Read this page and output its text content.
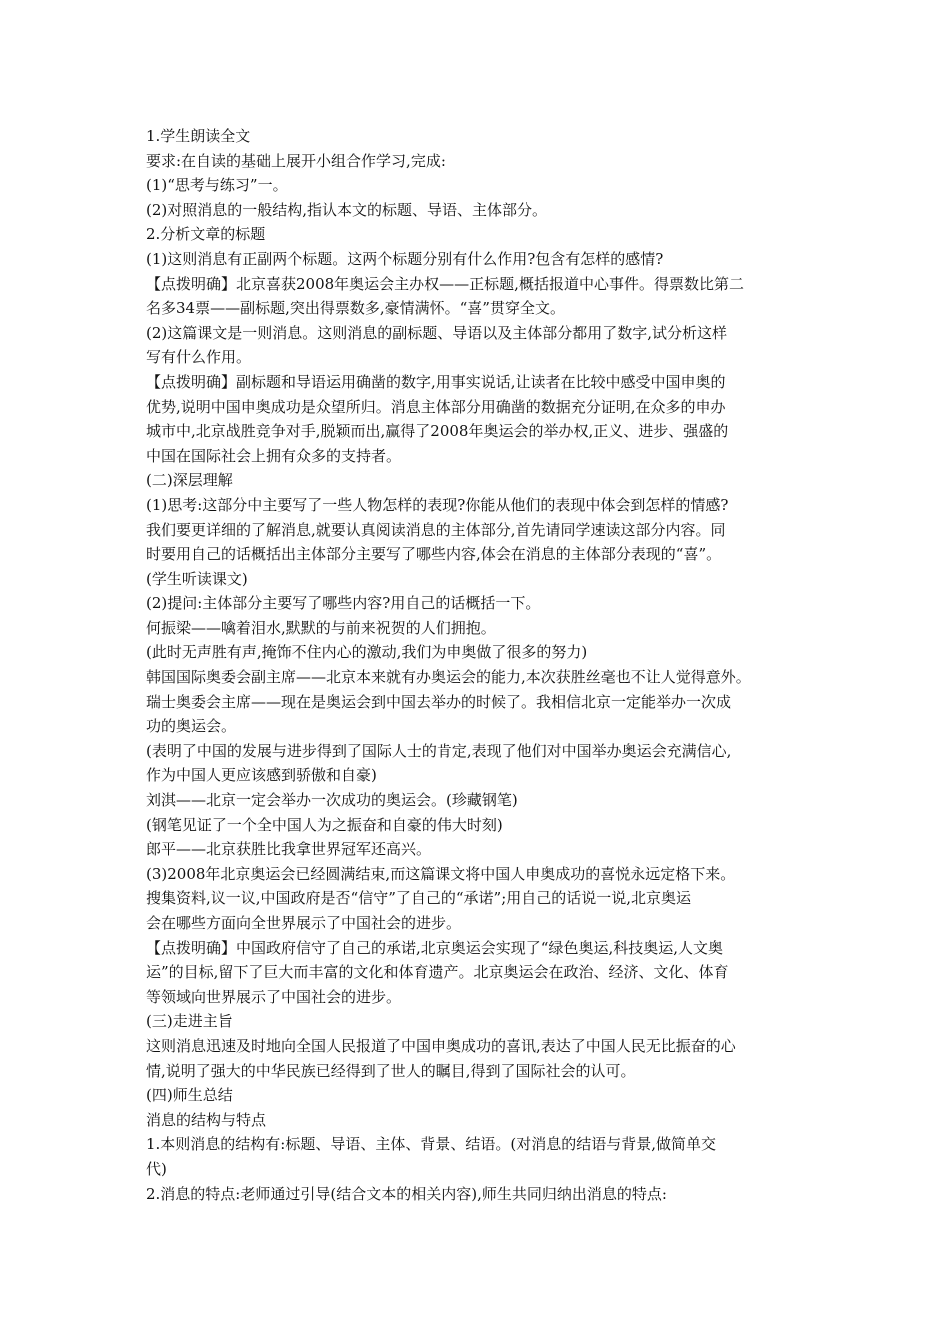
1.学生朗读全文
要求:在自读的基础上展开小组合作学习,完成:
(1)“思考与练习”一。
(2)对照消息的一般结构,指认本文的标题、导语、主体部分。
2.分析文章的标题
(1)这则消息有正副两个标题。这两个标题分别有什么作用?包含有怎样的感情?
【点拨明确】北京喜获2008年奥运会主办权——正标题,概括报道中心事件。得票数比第二
名多34票——副标题,突出得票数多,豪情满怀。“喜”贯穿全文。
(2)这篇课文是一则消息。这则消息的副标题、导语以及主体部分都用了数字,试分析这样
写有什么作用。
【点拨明确】副标题和导语运用确凿的数字,用事实说话,让读者在比较中感受中国申奥的
优势,说明中国申奥成功是众望所归。消息主体部分用确凿的数据充分证明,在众多的申办
城市中,北京战胜竞争对手,脱颖而出,赢得了2008年奥运会的举办权,正义、进步、强盛的
中国在国际社会上拥有众多的支持者。
(二)深层理解
(1)思考:这部分中主要写了一些人物怎样的表现?你能从他们的表现中体会到怎样的情感?
我们要更详细的了解消息,就要认真阅读消息的主体部分,首先请同学速读这部分内容。同
时要用自己的话概括出主体部分主要写了哪些内容,体会在消息的主体部分表现的“喜”。
(学生听读课文)
(2)提问:主体部分主要写了哪些内容?用自己的话概括一下。
何振梁——噙着泪水,默默的与前来祝贺的人们拥抱。
(此时无声胜有声,掩饰不住内心的激动,我们为申奥做了很多的努力)
韩国国际奥委会副主席——北京本来就有办奥运会的能力,本次获胜丝毫也不让人觉得意外。
瑞士奥委会主席——现在是奥运会到中国去举办的时候了。我相信北京一定能举办一次成
功的奥运会。
(表明了中国的发展与进步得到了国际人士的肯定,表现了他们对中国举办奥运会充满信心,
作为中国人更应该感到骄傲和自豪)
刘淇——北京一定会举办一次成功的奥运会。(珍藏钢笔)
(钢笔见证了一个全中国人为之振奋和自豪的伟大时刻)
郎平——北京获胜比我拿世界冠军还高兴。
(3)2008年北京奥运会已经圆满结束,而这篇课文将中国人申奥成功的喜悦永远定格下来。
搜集资料,议一议,中国政府是否“信守”了自己的“承诺”;用自己的话说一说,北京奥运
会在哪些方面向全世界展示了中国社会的进步。
【点拨明确】中国政府信守了自己的承诺,北京奥运会实现了“绿色奥运,科技奥运,人文奥
运”的目标,留下了巨大而丰富的文化和体育遗产。北京奥运会在政治、经济、文化、体育
等领域向世界展示了中国社会的进步。
(三)走进主旨
这则消息迅速及时地向全国人民报道了中国申奥成功的喜讯,表达了中国人民无比振奋的心
情,说明了强大的中华民族已经得到了世人的瞩目,得到了国际社会的认可。
(四)师生总结
消息的结构与特点
1.本则消息的结构有:标题、导语、主体、背景、结语。(对消息的结语与背景,做简单交
代)
2.消息的特点:老师通过引导(结合文本的相关内容),师生共同归纳出消息的特点:
